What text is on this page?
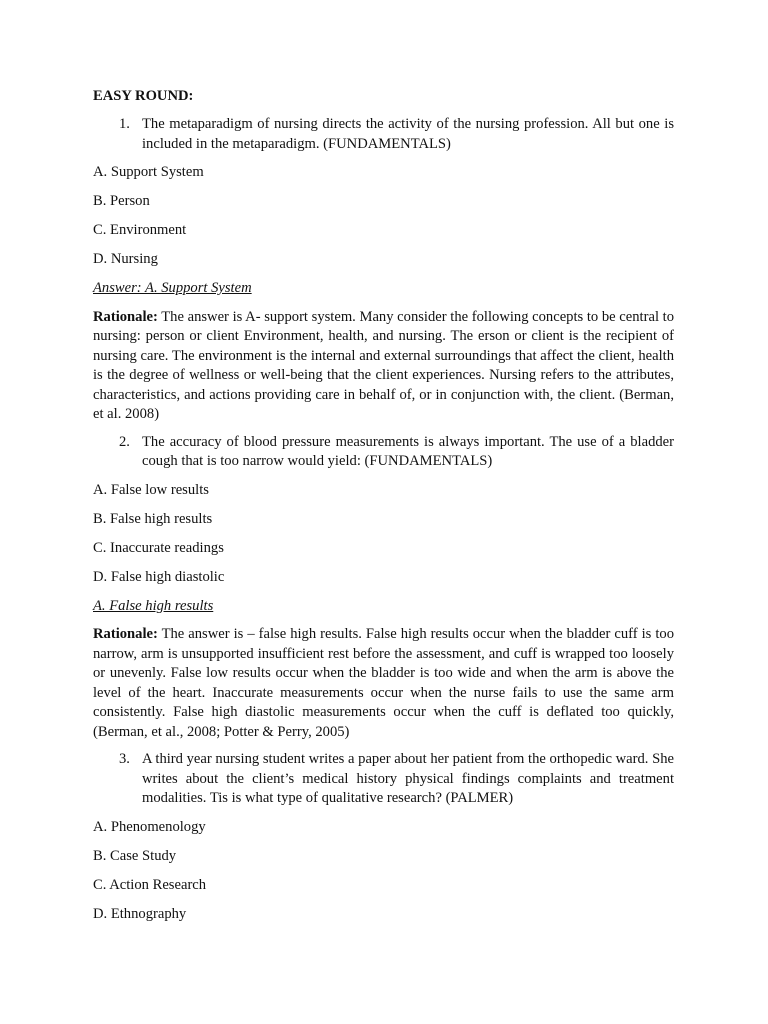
EASY ROUND:

1. The metaparadigm of nursing directs the activity of the nursing profession. All but one is included in the metaparadigm. (FUNDAMENTALS)

A. Support System

B. Person

C. Environment

D. Nursing

Answer: A. Support System

Rationale: The answer is A- support system. Many consider the following concepts to be central to nursing: person or client Environment, health, and nursing. The erson or client is the recipient of nursing care. The environment is the internal and external surroundings that affect the client, health is the degree of wellness or well-being that the client experiences. Nursing refers to the attributes, characteristics, and actions providing care in behalf of, or in conjunction with, the client. (Berman, et al. 2008)

2. The accuracy of blood pressure measurements is always important. The use of a bladder cough that is too narrow would yield: (FUNDAMENTALS)

A. False low results

B. False high results

C. Inaccurate readings

D. False high diastolic

A. False high results

Rationale: The answer is – false high results. False high results occur when the bladder cuff is too narrow, arm is unsupported insufficient rest before the assessment, and cuff is wrapped too loosely or unevenly. False low results occur when the bladder is too wide and when the arm is above the level of the heart. Inaccurate measurements occur when the nurse fails to use the same arm consistently. False high diastolic measurements occur when the cuff is deflated too quickly, (Berman, et al., 2008; Potter & Perry, 2005)

3. A third year nursing student writes a paper about her patient from the orthopedic ward. She writes about the client’s medical history physical findings complaints and treatment modalities. Tis is what type of qualitative research? (PALMER)

A. Phenomenology

B. Case Study

C. Action Research

D. Ethnography
